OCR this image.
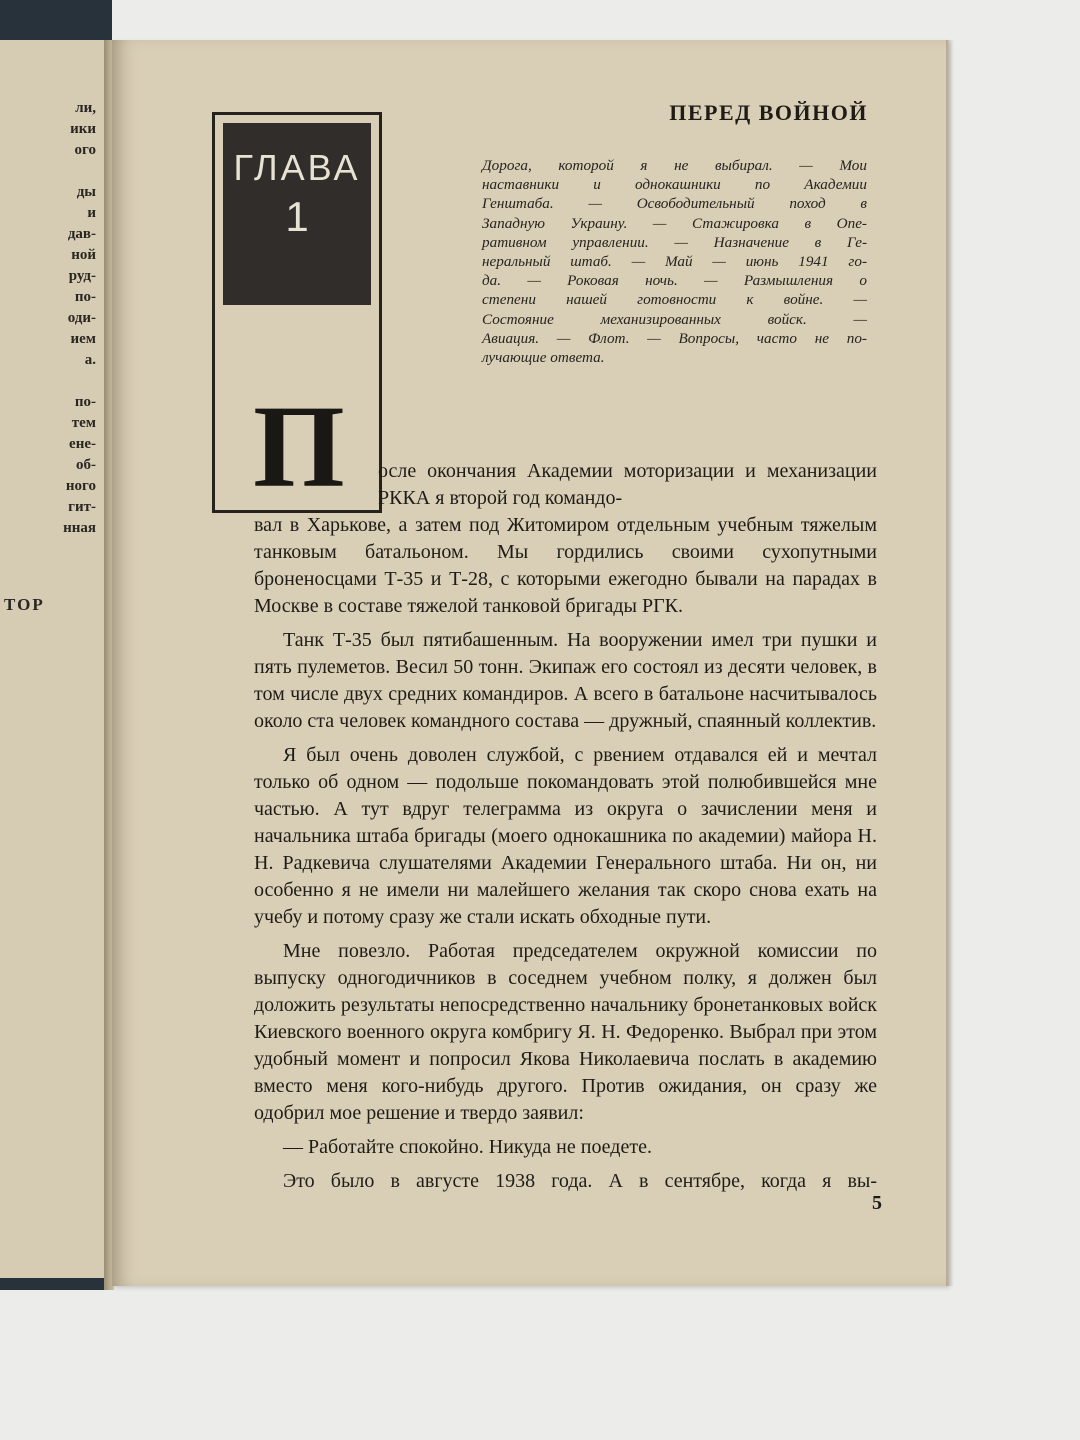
ли,
ики
ого

ды
и
дав-
ной
руд-
по-
оди-
ием
а.

по-
тем
ене-
об-
ного
гит-
нная
ТОР
ПЕРЕД ВОЙНОЙ
ГЛАВА
1
П
Дорога, которой я не выбирал. — Мои
наставники и однокашники по Академии
Генштаба. — Освободительный поход в
Западную Украину. — Стажировка в Опе-
ративном управлении. — Назначение в Ге-
неральный штаб. — Май — июнь 1941 го-
да. — Роковая ночь. — Размышления о
степени нашей готовности к войне. —
Состояние механизированных войск. —
Авиация. — Флот. — Вопросы, часто не по-
лучающие ответа.

осле окончания Академии моторизации и механизации РККА я второй год командо-

вал в Харькове, а затем под Житомиром отдельным учебным тяжелым танковым батальоном. Мы гордились своими сухопутными броненосцами Т-35 и Т-28, с которыми ежегодно бывали на парадах в Москве в составе тяжелой танковой бригады РГК.

Танк Т-35 был пятибашенным. На вооружении имел три пушки и пять пулеметов. Весил 50 тонн. Экипаж его состоял из десяти человек, в том числе двух средних командиров. А всего в батальоне насчитывалось около ста человек командного состава — дружный, спаянный коллектив.

Я был очень доволен службой, с рвением отдавался ей и мечтал только об одном — подольше покомандовать этой полюбившейся мне частью. А тут вдруг телеграмма из округа о зачислении меня и начальника штаба бригады (моего однокашника по академии) майора Н. Н. Радкевича слушателями Академии Генерального штаба. Ни он, ни особенно я не имели ни малейшего желания так скоро снова ехать на учебу и потому сразу же стали искать обходные пути.

Мне повезло. Работая председателем окружной комиссии по выпуску одногодичников в соседнем учебном полку, я должен был доложить результаты непосредственно начальнику бронетанковых войск Киевского военного округа комбригу Я. Н. Федоренко. Выбрал при этом удобный момент и попросил Якова Николаевича послать в академию вместо меня кого-нибудь другого. Против ожидания, он сразу же одобрил мое решение и твердо заявил:

— Работайте спокойно. Никуда не поедете.

Это было в августе 1938 года. А в сентябре, когда я вы-

5
